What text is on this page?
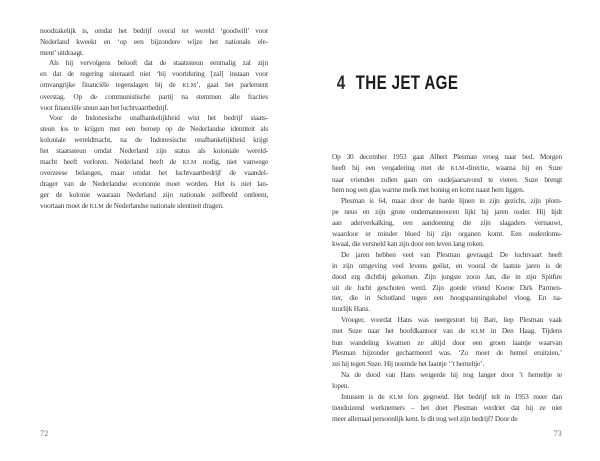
noodzakelijk is, omdat het bedrijf overal ter wereld ‘goodwill’ voor
Nederland kweekt en ‘op een bijzondere wijze het nationale ele-
ment’ uitdraagt.

Als hij vervolgens belooft dat de staatssteun eenmalig zal zijn
en dat de regering uiteraard niet ‘bij voortduring [zal] instaan voor
omvangrijke financiële tegenslagen bij de KLM’, gaat het parlement
overstag. Op de communistische partij na stemmen alle fracties
voor financiële steun aan het luchtvaartbedrijf.

Voor de Indonesische onafhankelijkheid wist het bedrijf staats-
steun los te krijgen met een beroep op de Nederlandse identiteit als
koloniale wereldmacht, na de Indonesische onafhankelijkheid krijgt
het staatssteun omdat Nederland zijn status als koloniale wereld-
macht heeft verloren. Nederland heeft de KLM nodig, niet vanwege
overzeese belangen, maar omdat het luchtvaartbedrijf de vaandel-
drager van de Nederlandse economie moet worden. Het is niet lan-
ger de kolonie waaraan Nederland zijn nationale zelfbeeld ontleent,
voortaan moet de KLM de Nederlandse nationale identiteit dragen.

72
4 THE JET AGE

Op 30 december 1953 gaat Albert Plesman vroeg naar bed. Morgen
heeft hij een vergadering met de KLM-directie, waarna hij en Suze
naar vrienden zullen gaan om oudejaarsavond te vieren. Suze brengt
hem nog een glas warme melk met honing en komt naast hem liggen.

Plesman is 64, maar door de harde lijnen in zijn gezicht, zijn plom-
pe neus en zijn grote oudemannenoren lijkt hij jaren ouder. Hij lijdt
aan aderverkalking, een aandoening die zijn slagaders vernauwt,
waardoor er minder bloed bij zijn organen komt. Een ouderdoms-
kwaal, die versneld kan zijn door een leven lang roken.

De jaren hebben veel van Plesman gevraagd. De luchtvaart heeft
in zijn omgeving veel levens geëist, en vooral de laatste jaren is de
dood erg dichtbij gekomen. Zijn jongste zoon Jan, die in zijn Spitfire
uit de lucht geschoten werd. Zijn goede vriend Koene Dirk Parmen-
tier, die in Schotland tegen een hoogspanningskabel vloog. En na-
tuurlijk Hans.

Vroeger, voordat Hans was neergestort bij Bari, liep Plesman vaak
met Suze naar het hoofdkantoor van de KLM in Den Haag. Tijdens
hun wandeling kwamen ze altijd door een groen laantje waarvan
Plesman bijzonder gecharmeerd was. ‘Zo moet de hemel eruitzien,’
zei hij tegen Suze. Hij noemde het laantje ‘’t hemeltje’.

Na de dood van Hans weigerde hij nog langer door ’t hemeltje te
lopen.

Intussen is de KLM fors gegroeid. Het bedrijf telt in 1953 meer dan
tienduizend werknemers – het doet Plesman verdriet dat hij ze niet
meer allemaal persoonlijk kent. Is dit nog wel zijn bedrijf? Door de

73
